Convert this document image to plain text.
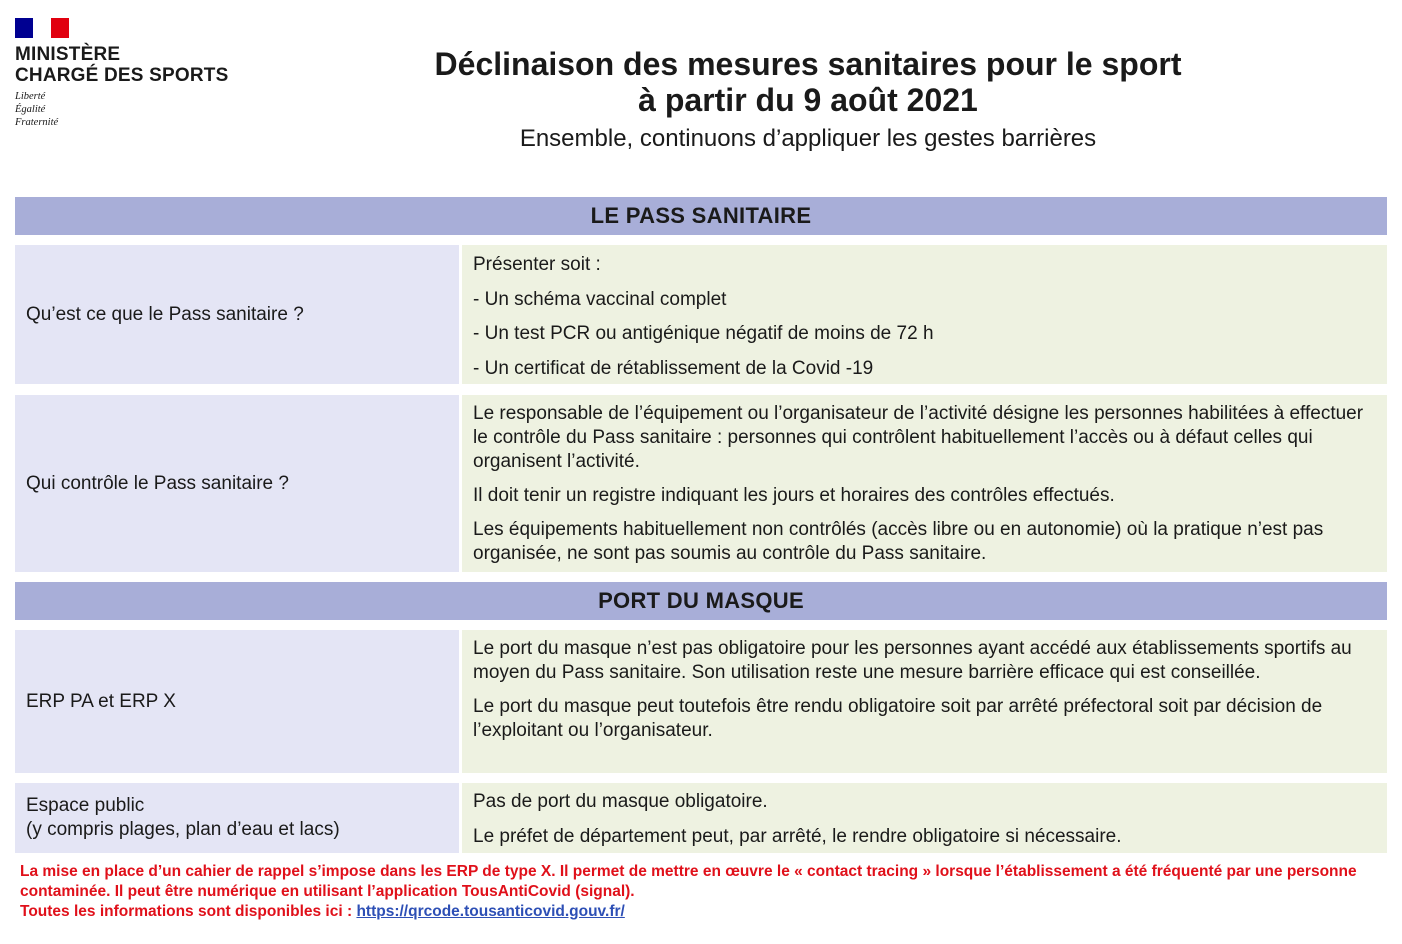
MINISTÈRE
CHARGÉ DES SPORTS
Liberté
Égalité
Fraternité
Déclinaison des mesures sanitaires pour le sport
à partir du 9 août 2021
Ensemble, continuons d’appliquer les gestes barrières
LE PASS SANITAIRE
Qu’est ce que le Pass sanitaire ?

Présenter soit :

- Un schéma vaccinal complet

- Un test PCR ou antigénique négatif de moins de 72 h

- Un certificat de rétablissement de la Covid -19

Qui contrôle le Pass sanitaire ?

Le responsable de l’équipement ou l’organisateur de l’activité désigne les personnes habilitées à effectuer le contrôle du Pass sanitaire : personnes qui contrôlent habituellement l’accès ou à défaut celles qui organisent l’activité.

Il doit tenir un registre indiquant les jours et horaires des contrôles effectués.

Les équipements habituellement non contrôlés (accès libre ou en autonomie) où la pratique n’est pas organisée, ne sont pas soumis au contrôle du Pass sanitaire.

PORT DU MASQUE
ERP PA et ERP X

Le port du masque n’est pas obligatoire pour les personnes ayant accédé aux établissements sportifs au moyen du Pass sanitaire. Son utilisation reste une mesure barrière efficace qui est conseillée.

Le port du masque peut toutefois être rendu obligatoire soit par arrêté préfectoral soit par décision de l’exploitant ou l’organisateur.

Espace public
(y compris plages, plan d’eau et lacs)

Pas de port du masque obligatoire.

Le préfet de département peut, par arrêté, le rendre obligatoire si nécessaire.

La mise en place d’un cahier de rappel s’impose dans les ERP de type X. Il permet de mettre en œuvre le « contact tracing » lorsque l’établissement a été fréquenté par une personne contaminée. Il peut être numérique en utilisant l’application TousAntiCovid (signal).
Toutes les informations sont disponibles ici : https://qrcode.tousanticovid.gouv.fr/
